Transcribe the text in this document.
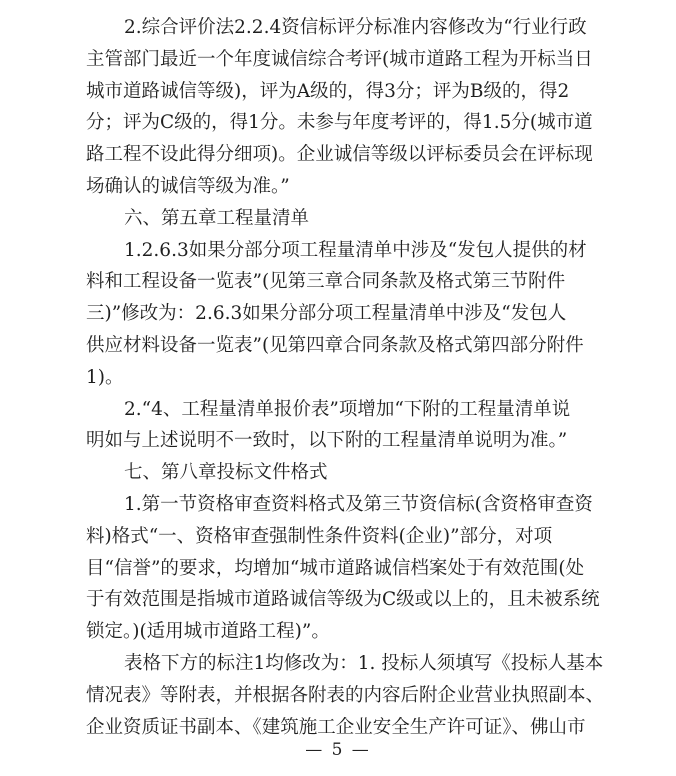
2.综合评价法2.2.4资信标评分标准内容修改为“行业行政
主管部门最近一个年度诚信综合考评(城市道路工程为开标当日
城市道路诚信等级)，评为A级的，得3分；评为B级的，得2
分；评为C级的，得1分。未参与年度考评的，得1.5分(城市道
路工程不设此得分细项)。企业诚信等级以评标委员会在评标现
场确认的诚信等级为准。”
六、第五章工程量清单
1.2.6.3如果分部分项工程量清单中涉及“发包人提供的材
料和工程设备一览表”(见第三章合同条款及格式第三节附件
三)”修改为：2.6.3如果分部分项工程量清单中涉及“发包人
供应材料设备一览表”(见第四章合同条款及格式第四部分附件
1)。
2.“4、工程量清单报价表”项增加“下附的工程量清单说
明如与上述说明不一致时，以下附的工程量清单说明为准。”
七、第八章投标文件格式
1.第一节资格审查资料格式及第三节资信标(含资格审查资
料)格式“一、资格审查强制性条件资料(企业)”部分，对项
目“信誉”的要求，均增加“城市道路诚信档案处于有效范围(处
于有效范围是指城市道路诚信等级为C级或以上的，且未被系统
锁定。)(适用城市道路工程)”。
表格下方的标注1均修改为：1. 投标人须填写《投标人基本
情况表》等附表，并根据各附表的内容后附企业营业执照副本、
企业资质证书副本、《建筑施工企业安全生产许可证》、佛山市
— 5 —
